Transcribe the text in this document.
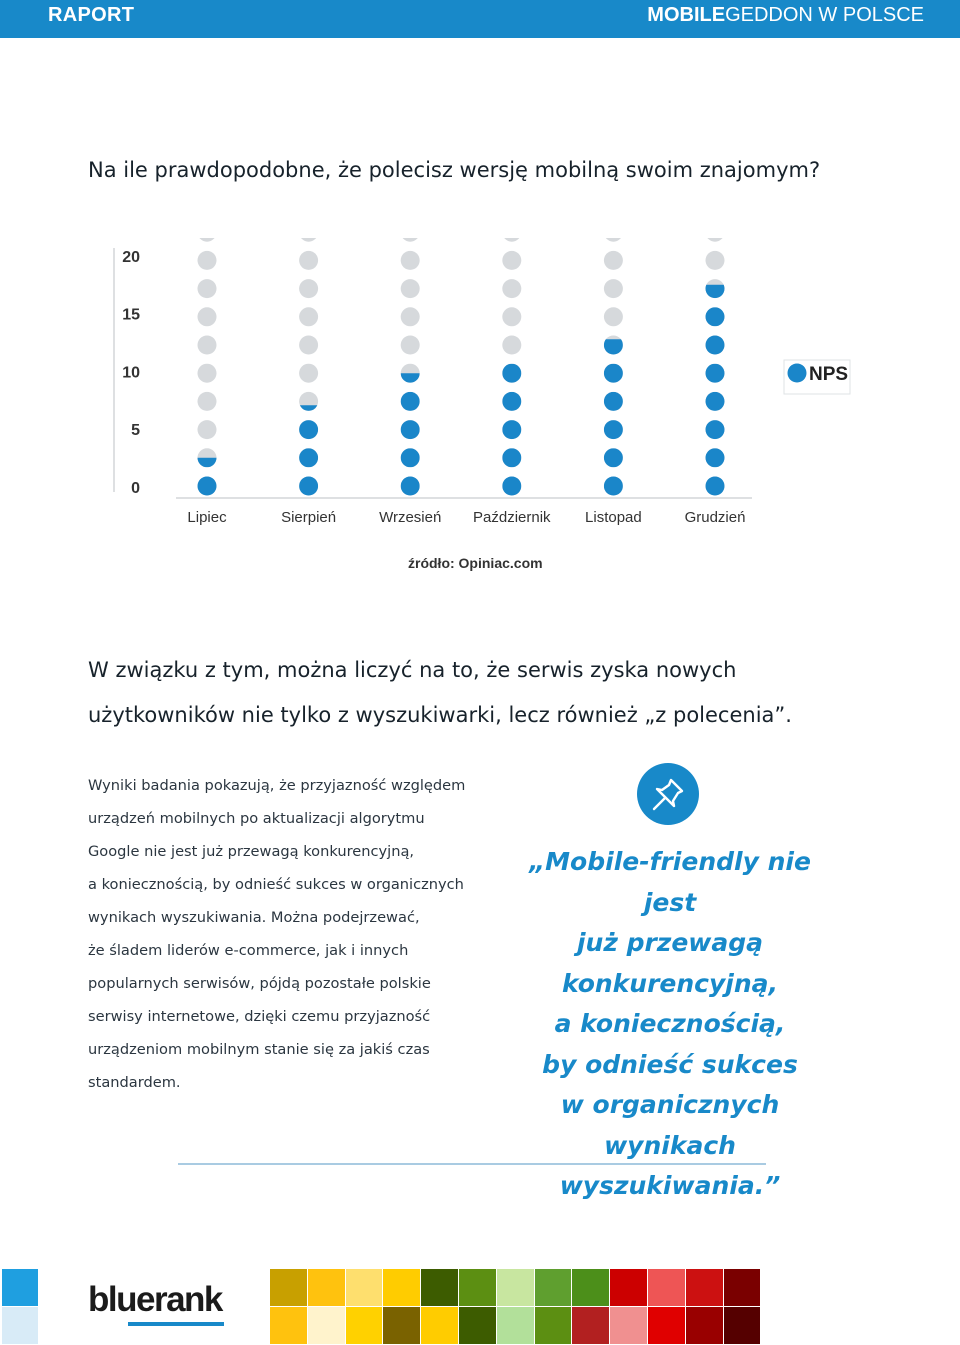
RAPORT	MOBILEGEDDON W POLSCE
Na ile prawdopodobne, że polecisz wersję mobilną swoim znajomym?
20
15
10
5
0
Lipiec	Sierpień	Wrzesień Październik Listopad	Grudzień
NPS
źródło: Opiniac.com
W związku z tym, można liczyć na to, że serwis zyska nowych
użytkowników nie tylko z wyszukiwarki, lecz również „z polecenia”.
Wyniki badania pokazują, że przyjazność względem
urządzeń mobilnych po aktualizacji algorytmu
Google nie jest już przewagą konkurencyjną,
a koniecznością, by odnieść sukces w organicznych
wynikach wyszukiwania. Można podejrzewać,
że śladem liderów e-commerce, jak i innych
popularnych serwisów, pójdą pozostałe polskie
serwisy internetowe, dzięki czemu przyjazność
urządzeniom mobilnym stanie się za jakiś czas
standardem.
„Mobile-friendly nie jest
już przewagą
konkurencyjną,
a koniecznością,
by odnieść sukces
w organicznych wynikach
wyszukiwania.”
bluerank
